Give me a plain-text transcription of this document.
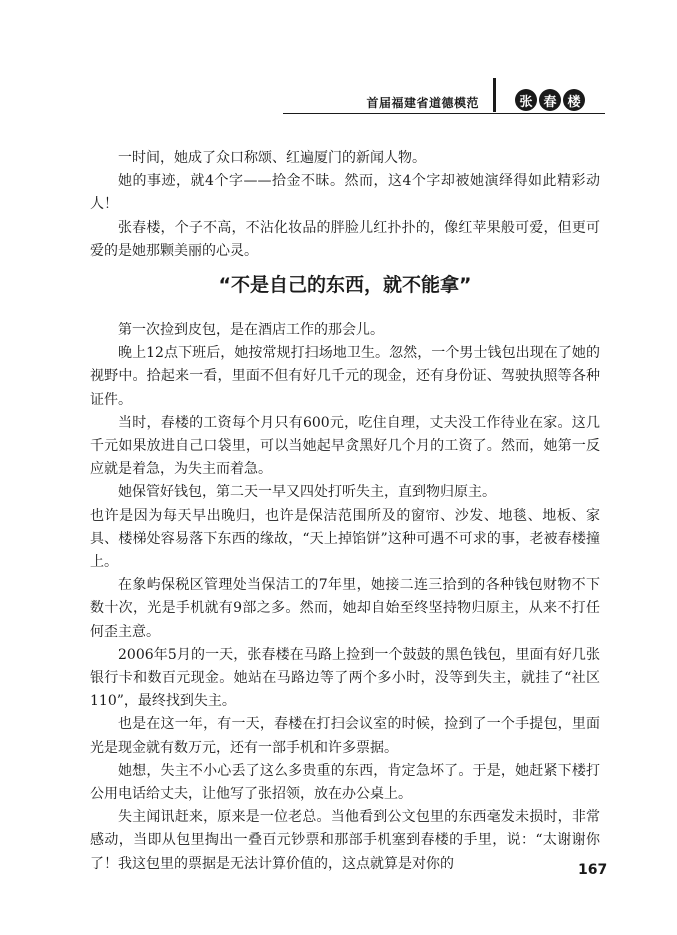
首届福建省道德模范	张 春 楼

一时间，她成了众口称颂、红遍厦门的新闻人物。

她的事迹，就4个字——拾金不昧。然而，这4个字却被她演绎得如此精彩动人！

张春楼，个子不高，不沾化妆品的胖脸儿红扑扑的，像红苹果般可爱，但更可爱的是她那颗美丽的心灵。

“不是自己的东西，就不能拿”

第一次捡到皮包，是在酒店工作的那会儿。

晚上12点下班后，她按常规打扫场地卫生。忽然，一个男士钱包出现在了她的视野中。拾起来一看，里面不但有好几千元的现金，还有身份证、驾驶执照等各种证件。

当时，春楼的工资每个月只有600元，吃住自理，丈夫没工作待业在家。这几千元如果放进自己口袋里，可以当她起早贪黑好几个月的工资了。然而，她第一反应就是着急，为失主而着急。

她保管好钱包，第二天一早又四处打听失主，直到物归原主。

也许是因为每天早出晚归，也许是保洁范围所及的窗帘、沙发、地毯、地板、家具、楼梯处容易落下东西的缘故，“天上掉馅饼”这种可遇不可求的事，老被春楼撞上。

在象屿保税区管理处当保洁工的7年里，她接二连三拾到的各种钱包财物不下数十次，光是手机就有9部之多。然而，她却自始至终坚持物归原主，从来不打任何歪主意。

2006年5月的一天，张春楼在马路上捡到一个鼓鼓的黑色钱包，里面有好几张银行卡和数百元现金。她站在马路边等了两个多小时，没等到失主，就挂了“社区110”，最终找到失主。

也是在这一年，有一天，春楼在打扫会议室的时候，捡到了一个手提包，里面光是现金就有数万元，还有一部手机和许多票据。

她想，失主不小心丢了这么多贵重的东西，肯定急坏了。于是，她赶紧下楼打公用电话给丈夫，让他写了张招领，放在办公桌上。

失主闻讯赶来，原来是一位老总。当他看到公文包里的东西毫发未损时，非常感动，当即从包里掏出一叠百元钞票和那部手机塞到春楼的手里，说：“太谢谢你了！我这包里的票据是无法计算价值的，这点就算是对你的	167
